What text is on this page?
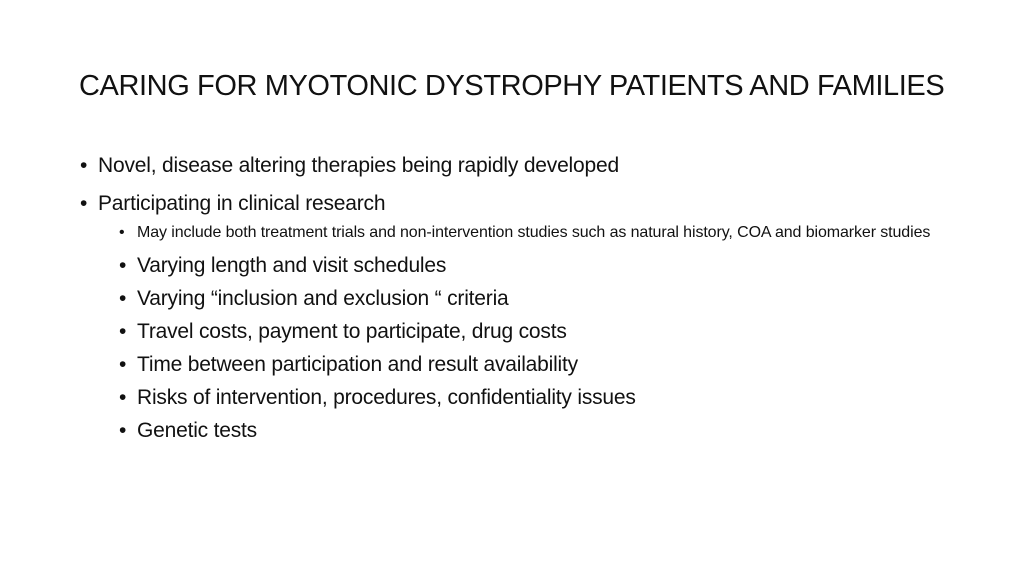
CARING FOR MYOTONIC DYSTROPHY PATIENTS AND FAMILIES
• Novel, disease altering therapies being rapidly developed
• Participating in clinical research
• May include both treatment trials and non-intervention studies such as natural history, COA and biomarker studies
• Varying length and visit schedules
• Varying “inclusion and exclusion “ criteria
• Travel costs, payment to participate, drug costs
• Time between participation and result availability
• Risks of intervention, procedures, confidentiality issues
• Genetic tests
